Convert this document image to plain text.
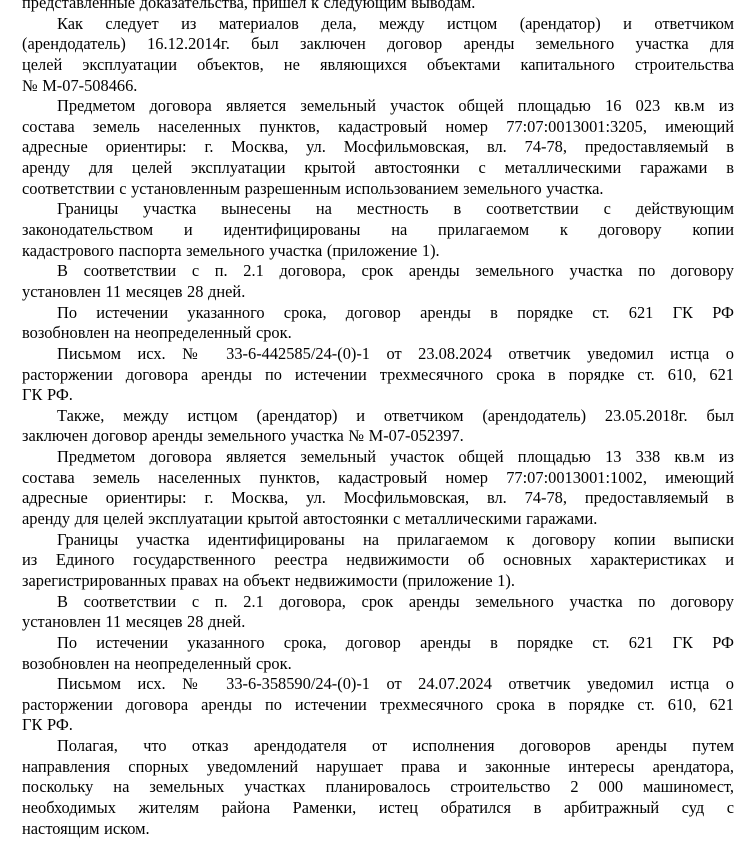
представленные доказательства, пришел к следующим выводам.
Как следует из материалов дела, между истцом (арендатор) и ответчиком
(арендодатель) 16.12.2014г. был заключен договор аренды земельного участка для
целей эксплуатации объектов, не являющихся объектами капитального строительства
№ М-07-508466.
Предметом договора является земельный участок общей площадью 16 023 кв.м из
состава земель населенных пунктов, кадастровый номер 77:07:0013001:3205, имеющий
адресные ориентиры: г. Москва, ул. Мосфильмовская, вл. 74-78, предоставляемый в
аренду для целей эксплуатации крытой автостоянки с металлическими гаражами в
соответствии с установленным разрешенным использованием земельного участка.
Границы участка вынесены на местность в соответствии с действующим
законодательством и идентифицированы на прилагаемом к договору копии
кадастрового паспорта земельного участка (приложение 1).
В соответствии с п. 2.1 договора, срок аренды земельного участка по договору
установлен 11 месяцев 28 дней.
По истечении указанного срока, договор аренды в порядке ст. 621 ГК РФ
возобновлен на неопределенный срок.
Письмом исх. № 33-6-442585/24-(0)-1 от 23.08.2024 ответчик уведомил истца о
расторжении договора аренды по истечении трехмесячного срока в порядке ст. 610, 621
ГК РФ.
Также, между истцом (арендатор) и ответчиком (арендодатель) 23.05.2018г. был
заключен договор аренды земельного участка № М-07-052397.
Предметом договора является земельный участок общей площадью 13 338 кв.м из
состава земель населенных пунктов, кадастровый номер 77:07:0013001:1002, имеющий
адресные ориентиры: г. Москва, ул. Мосфильмовская, вл. 74-78, предоставляемый в
аренду для целей эксплуатации крытой автостоянки с металлическими гаражами.
Границы участка идентифицированы на прилагаемом к договору копии выписки
из Единого государственного реестра недвижимости об основных характеристиках и
зарегистрированных правах на объект недвижимости (приложение 1).
В соответствии с п. 2.1 договора, срок аренды земельного участка по договору
установлен 11 месяцев 28 дней.
По истечении указанного срока, договор аренды в порядке ст. 621 ГК РФ
возобновлен на неопределенный срок.
Письмом исх. № 33-6-358590/24-(0)-1 от 24.07.2024 ответчик уведомил истца о
расторжении договора аренды по истечении трехмесячного срока в порядке ст. 610, 621
ГК РФ.
Полагая, что отказ арендодателя от исполнения договоров аренды путем
направления спорных уведомлений нарушает права и законные интересы арендатора,
поскольку на земельных участках планировалось строительство 2 000 машиномест,
необходимых жителям района Раменки, истец обратился в арбитражный суд с
настоящим иском.
